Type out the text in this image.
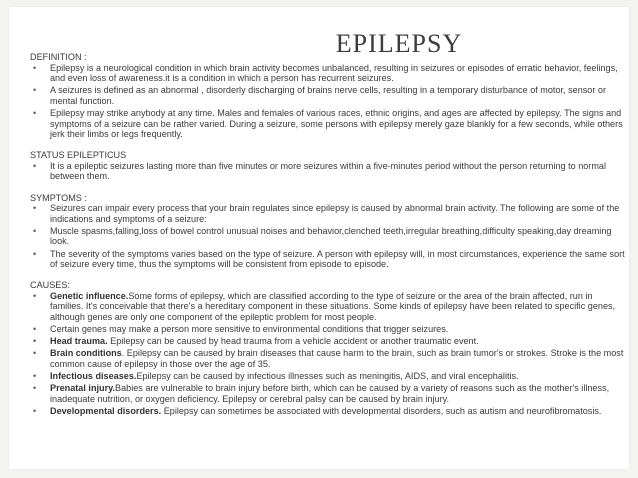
EPILEPSY

DEFINITION :

• Epilepsy is a neurological condition in which brain activity becomes unbalanced, resulting in seizures or episodes of erratic behavior, feelings, and even loss of awareness.it is a condition in which a person has recurrent seizures.
• A seizures is defined as an abnormal , disorderly discharging of brains nerve cells, resulting in a temporary disturbance of motor, sensor or mental function.
• Epilepsy may strike anybody at any time. Males and females of various races, ethnic origins, and ages are affected by epilepsy. The signs and symptoms of a seizure can be rather varied. During a seizure, some persons with epilepsy merely gaze blankly for a few seconds, while others jerk their limbs or legs frequently.

STATUS EPILEPTICUS

• It is a epileptic seizures lasting more than five minutes or more seizures within a five-minutes period without the person returning to normal between them.

SYMPTOMS :

• Seizures can impair every process that your brain regulates since epilepsy is caused by abnormal brain activity. The following are some of the indications and symptoms of a seizure:
• Muscle spasms,falling,loss of bowel control unusual noises and behavior,clenched teeth,irregular breathing,difficulty speaking,day dreaming look.
• The severity of the symptoms varies based on the type of seizure. A person with epilepsy will, in most circumstances, experience the same sort of seizure every time, thus the symptoms will be consistent from episode to episode.

CAUSES:

• Genetic influence.Some forms of epilepsy, which are classified according to the type of seizure or the area of the brain affected, run in families. It's conceivable that there's a hereditary component in these situations. Some kinds of epilepsy have been related to specific genes, although genes are only one component of the epileptic problem for most people.
• Certain genes may make a person more sensitive to environmental conditions that trigger seizures.
• Head trauma. Epilepsy can be caused by head trauma from a vehicle accident or another traumatic event.
• Brain conditions. Epilepsy can be caused by brain diseases that cause harm to the brain, such as brain tumor's or strokes. Stroke is the most common cause of epilepsy in those over the age of 35.
• Infectious diseases.Epilepsy can be caused by infectious illnesses such as meningitis, AIDS, and viral encephalitis.
• Prenatal injury.Babies are vulnerable to brain injury before birth, which can be caused by a variety of reasons such as the mother's illness, inadequate nutrition, or oxygen deficiency. Epilepsy or cerebral palsy can be caused by brain injury.
• Developmental disorders. Epilepsy can sometimes be associated with developmental disorders, such as autism and neurofibromatosis.
